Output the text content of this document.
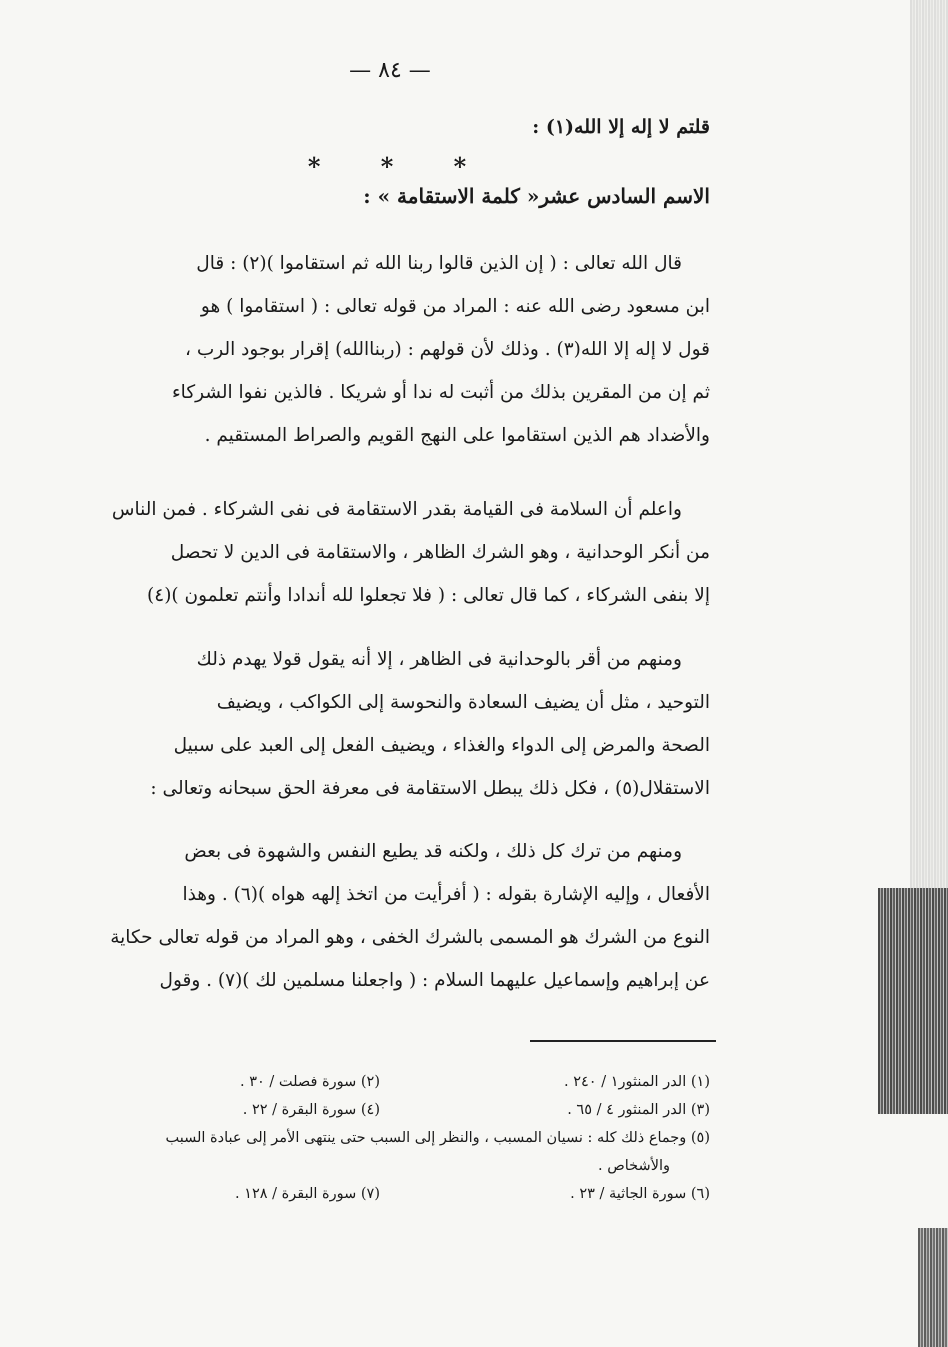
— ٨٤ —
قلتم لا إله إلا الله(١) :
* * *
الاسم السادس عشر« كلمة الاستقامة » :
قال الله تعالى : ( إن الذين قالوا ربنا الله ثم استقاموا )(٢) : قال
ابن مسعود رضى الله عنه : المراد من قوله تعالى : ( استقاموا ) هو
قول لا إله إلا الله(٣) . وذلك لأن قولهم : (ربناالله) إقرار بوجود الرب ،
ثم إن من المقرين بذلك من أثبت له ندا أو شريكا . فالذين نفوا الشركاء
والأضداد هم الذين استقاموا على النهج القويم والصراط المستقيم .
واعلم أن السلامة فى القيامة بقدر الاستقامة فى نفى الشركاء . فمن الناس
من أنكر الوحدانية ، وهو الشرك الظاهر ، والاستقامة فى الدين لا تحصل
إلا بنفى الشركاء ، كما قال تعالى : ( فلا تجعلوا لله أندادا وأنتم تعلمون )(٤)
ومنهم من أقر بالوحدانية فى الظاهر ، إلا أنه يقول قولا يهدم ذلك
التوحيد ، مثل أن يضيف السعادة والنحوسة إلى الكواكب ، ويضيف
الصحة والمرض إلى الدواء والغذاء ، ويضيف الفعل إلى العبد على سبيل
الاستقلال(٥) ، فكل ذلك يبطل الاستقامة فى معرفة الحق سبحانه وتعالى :
ومنهم من ترك كل ذلك ، ولكنه قد يطيع النفس والشهوة فى بعض
الأفعال ، وإليه الإشارة بقوله : ( أفرأيت من اتخذ إلهه هواه )(٦) . وهذا
النوع من الشرك هو المسمى بالشرك الخفى ، وهو المراد من قوله تعالى حكاية
عن إبراهيم وإسماعيل عليهما السلام : ( واجعلنا مسلمين لك )(٧) . وقول
(١) الدر المنثور١ / ٢٤٠ .
(٢) سورة فصلت / ٣٠ .
(٣) الدر المنثور ٤ / ٦٥ .
(٤) سورة البقرة / ٢٢ .
(٥) وجماع ذلك كله : نسيان المسبب ، والنظر إلى السبب حتى ينتهى الأمر إلى عبادة السبب
والأشخاص .
(٦) سورة الجاثية / ٢٣ .
(٧) سورة البقرة / ١٢٨ .
